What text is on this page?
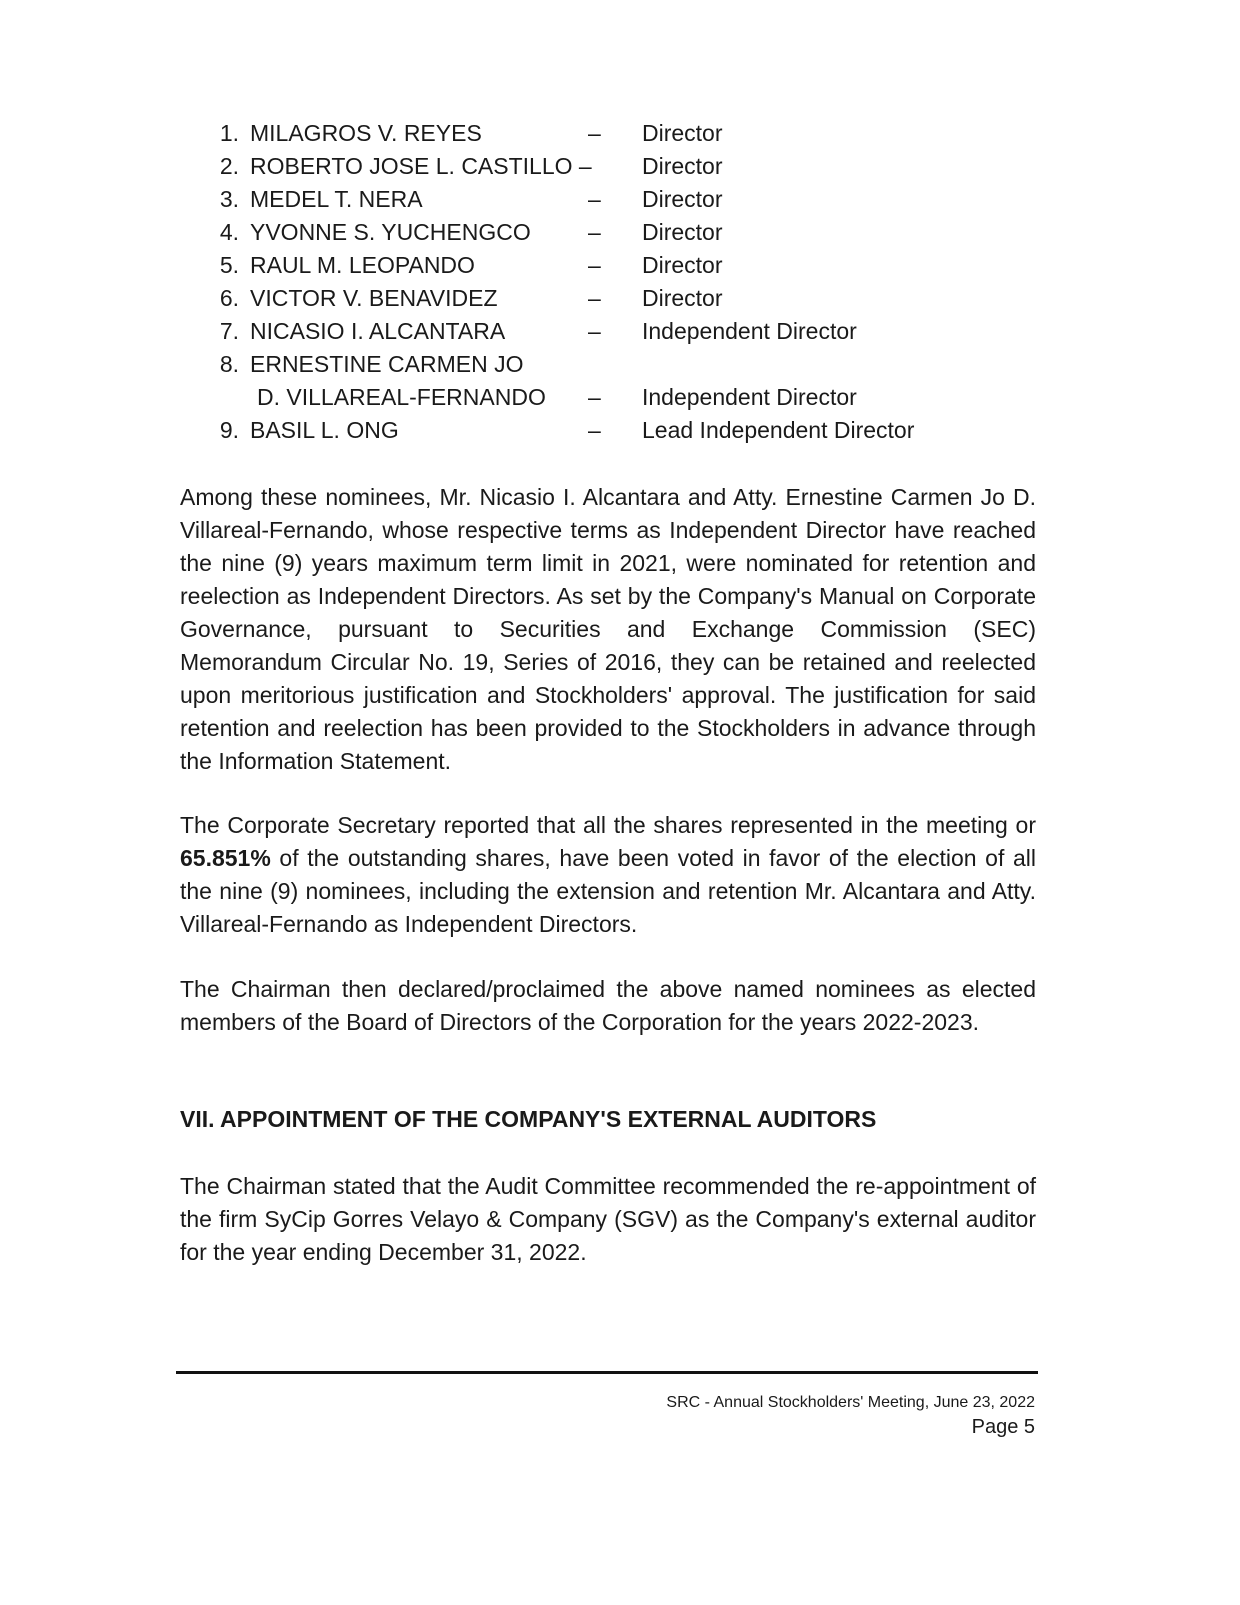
1. MILAGROS V. REYES	– Director
2. ROBERTO JOSE L. CASTILLO – Director
3. MEDEL T. NERA	– Director
4. YVONNE S. YUCHENGCO – Director
5. RAUL M. LEOPANDO	– Director
6. VICTOR V. BENAVIDEZ	– Director
7. NICASIO I. ALCANTARA	– Independent Director
8. ERNESTINE CARMEN JO
D. VILLAREAL-FERNANDO – Independent Director
9. BASIL L. ONG	– Lead Independent Director

Among these nominees, Mr. Nicasio I. Alcantara and Atty. Ernestine Carmen Jo D. Villareal-Fernando, whose respective terms as Independent Director have reached the nine (9) years maximum term limit in 2021, were nominated for retention and reelection as Independent Directors. As set by the Company's Manual on Corporate Governance, pursuant to Securities and Exchange Commission (SEC) Memorandum Circular No. 19, Series of 2016, they can be retained and reelected upon meritorious justification and Stockholders' approval. The justification for said retention and reelection has been provided to the Stockholders in advance through the Information Statement.

The Corporate Secretary reported that all the shares represented in the meeting or 65.851% of the outstanding shares, have been voted in favor of the election of all the nine (9) nominees, including the extension and retention Mr. Alcantara and Atty. Villareal-Fernando as Independent Directors.

The Chairman then declared/proclaimed the above named nominees as elected members of the Board of Directors of the Corporation for the years 2022-2023.

VII. APPOINTMENT OF THE COMPANY'S EXTERNAL AUDITORS

The Chairman stated that the Audit Committee recommended the re-appointment of the firm SyCip Gorres Velayo & Company (SGV) as the Company's external auditor for the year ending December 31, 2022.

SRC - Annual Stockholders' Meeting, June 23, 2022
Page 5
